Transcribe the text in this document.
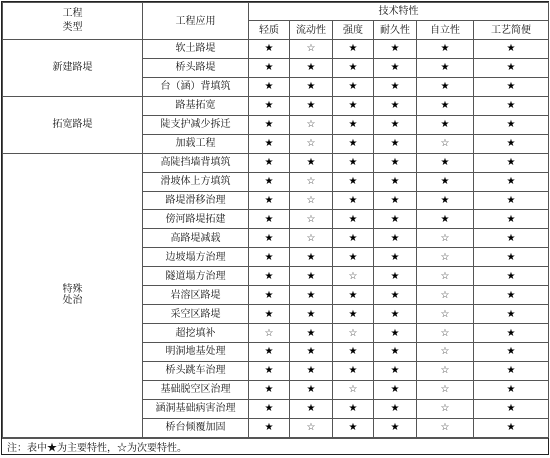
工程
类型	工程应用	技术特性					
		轻质	流动性	强度	耐久性	自立性	工艺简便

新建路堤	软土路堤	★	☆	★	★	★	★
	桥头路堤	★	★	★	★	★	★
	台（涵）背填筑	★	★	★	★	★	★

拓宽路堤	路基拓宽	★	★	★	★	★	★
	陡支护减少拆迁	★	☆	★	★	★	★
	加载工程	★	☆	★	★	☆	★

特殊
处治	高陡挡墙背填筑	★	★	★	★	★	★
	滑坡体上方填筑	★	☆	★	★	★	★
	路堤滑移治理	★	☆	★	★	★	★
	傍河路堤拓建	★	☆	★	★	★	★
	高路堤减载	★	☆	★	★	☆	★
	边坡塌方治理	★	★	★	★	☆	★
	隧道塌方治理	★	★	☆	★	☆	★
	岩溶区路堤	★	★	★	★	☆	★
	采空区路堤	★	★	★	★	☆	★
	超挖填补	☆	★	☆	★	☆	★
	明洞地基处理	★	★	★	★	☆	★
	桥头跳车治理	★	★	★	★	☆	★
	基础脱空区治理	★	★	☆	★	☆	★
	涵洞基础病害治理	★	★	★	★	☆	★
	桥台倾覆加固	★	☆	★	★	☆	★
注：表中★为主要特性，☆为次要特性。
